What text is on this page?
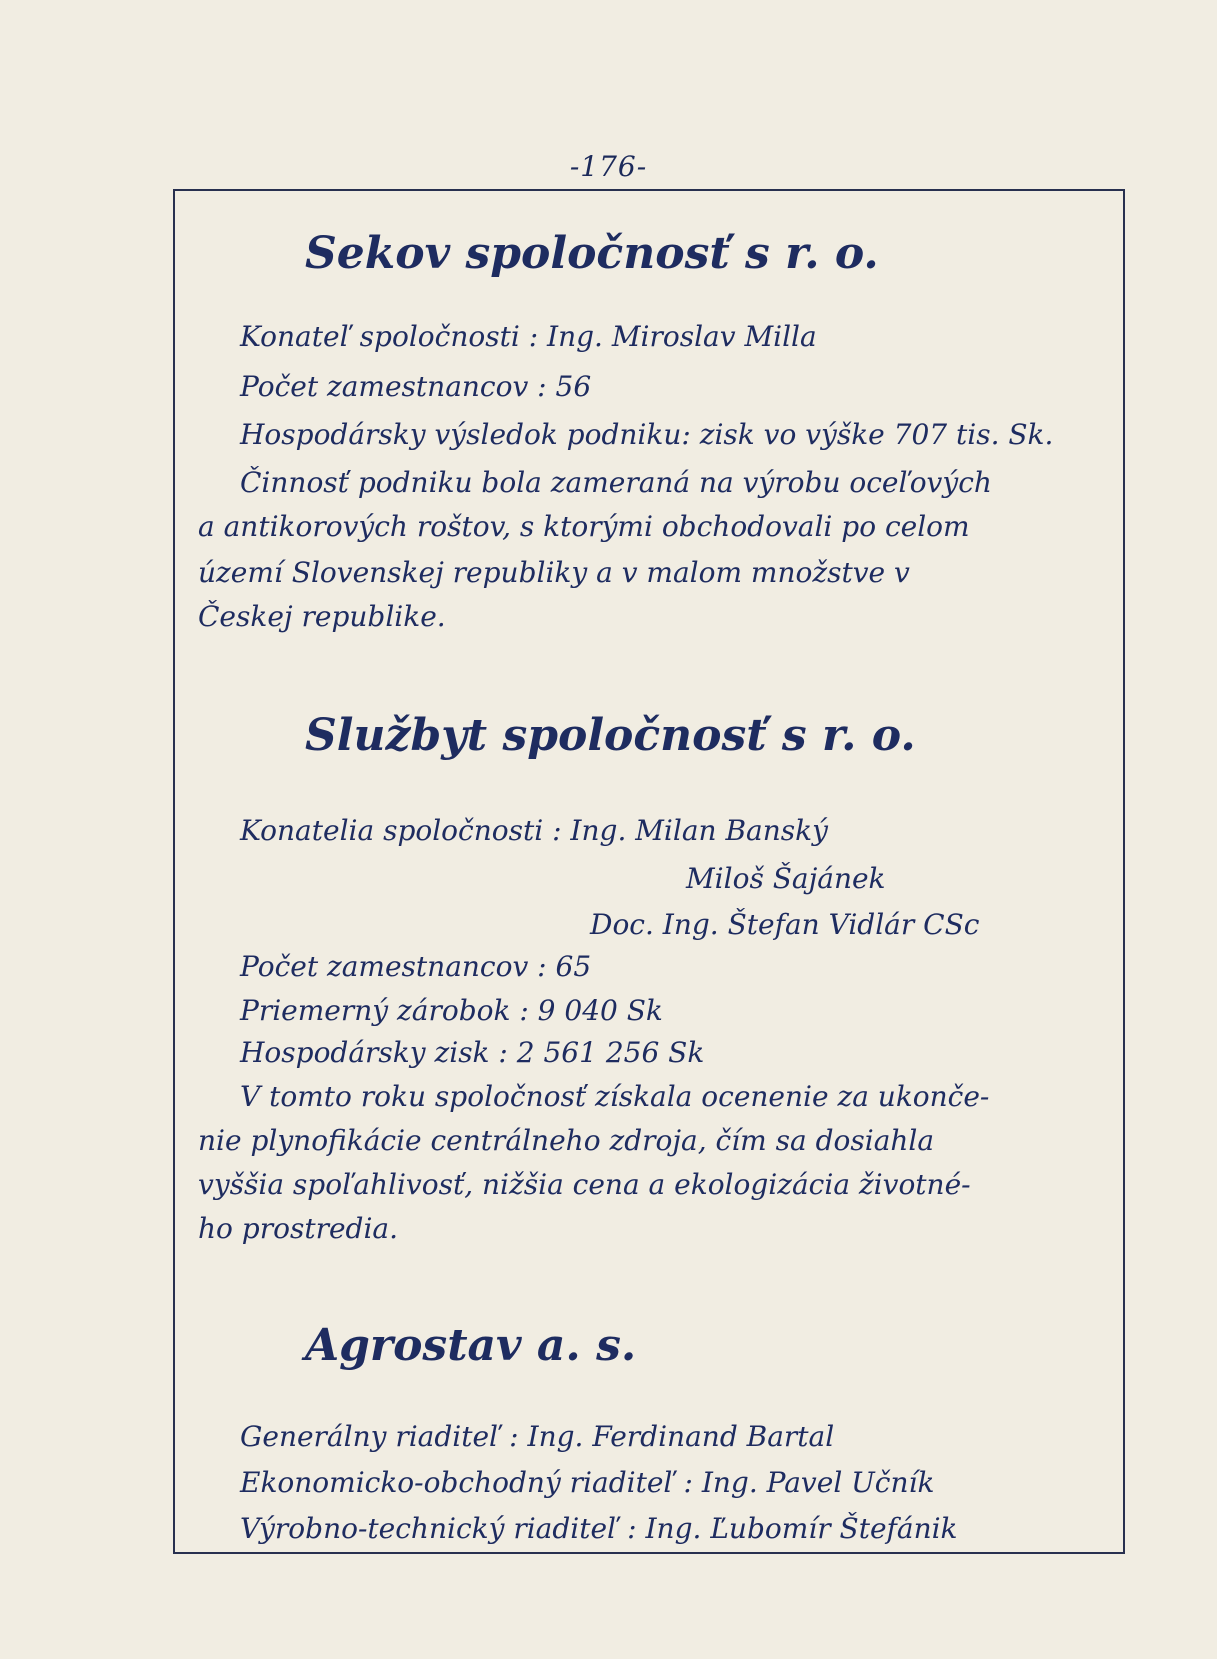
-176-
Sekov spoločnosť s r. o.
Konateľ spoločnosti : Ing. Miroslav Milla
Počet zamestnancov : 56
Hospodársky výsledok podniku: zisk vo výške 707 tis. Sk.
Činnosť podniku bola zameraná na výrobu oceľových
a antikorových roštov, s ktorými obchodovali po celom
území Slovenskej republiky a v malom množstve v
Českej republike.
Službyt spoločnosť s r. o.
Konatelia spoločnosti : Ing. Milan Banský
Miloš Šajánek
Doc. Ing. Štefan Vidlár CSc
Počet zamestnancov : 65
Priemerný zárobok : 9 040 Sk
Hospodársky zisk : 2 561 256 Sk
V tomto roku spoločnosť získala ocenenie za ukonče-
nie plynofikácie centrálneho zdroja, čím sa dosiahla
vyššia spoľahlivosť, nižšia cena a ekologizácia životné-
ho prostredia.
Agrostav a. s.
Generálny riaditeľ : Ing. Ferdinand Bartal
Ekonomicko-obchodný riaditeľ : Ing. Pavel Učník
Výrobno-technický riaditeľ : Ing. Ľubomír Štefánik
